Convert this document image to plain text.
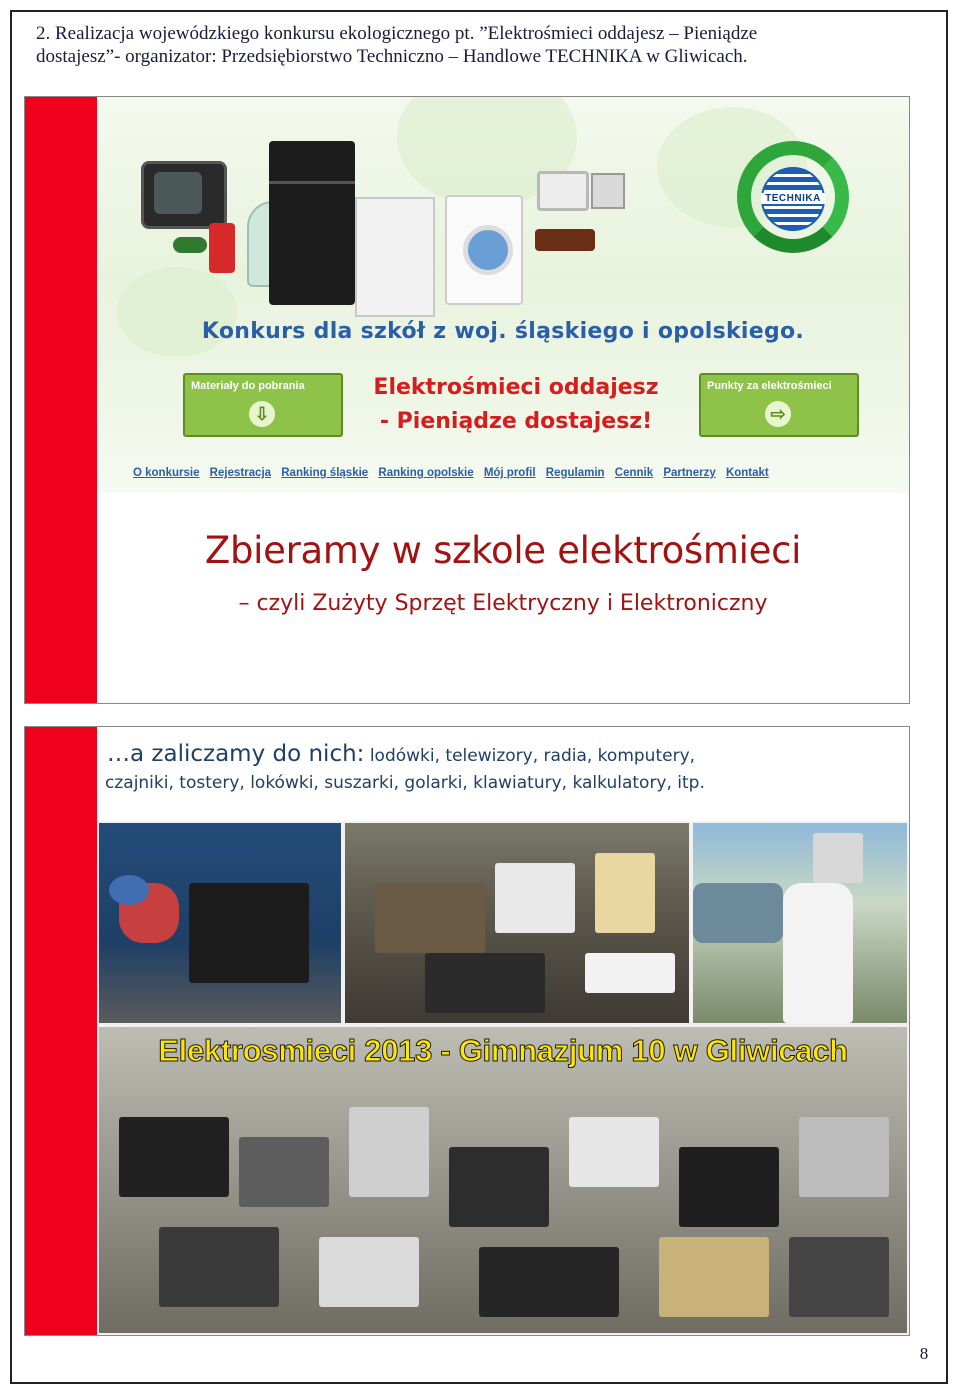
2. Realizacja wojewódzkiego konkursu ekologicznego pt. ”Elektrośmieci oddajesz – Pieniądze
dostajesz”- organizator: Przedsiębiorstwo Techniczno – Handlowe TECHNIKA w Gliwicach.
TECHNIKA
Konkurs dla szkół z woj. śląskiego i opolskiego.
Materiały do pobrania
⇩
Elektrośmieci oddajesz
- Pieniądze dostajesz!
Punkty za elektrośmieci
⇨
O konkursie Rejestracja Ranking śląskie Ranking opolskie Mój profil Regulamin Cennik Partnerzy Kontakt
Zbieramy w szkole elektrośmieci
– czyli Zużyty Sprzęt Elektryczny i Elektroniczny
…a zaliczamy do nich: lodówki, telewizory, radia, komputery,
czajniki, tostery, lokówki, suszarki, golarki, klawiatury, kalkulatory, itp.
Elektrosmieci 2013 - Gimnazjum 10 w Gliwicach
8
